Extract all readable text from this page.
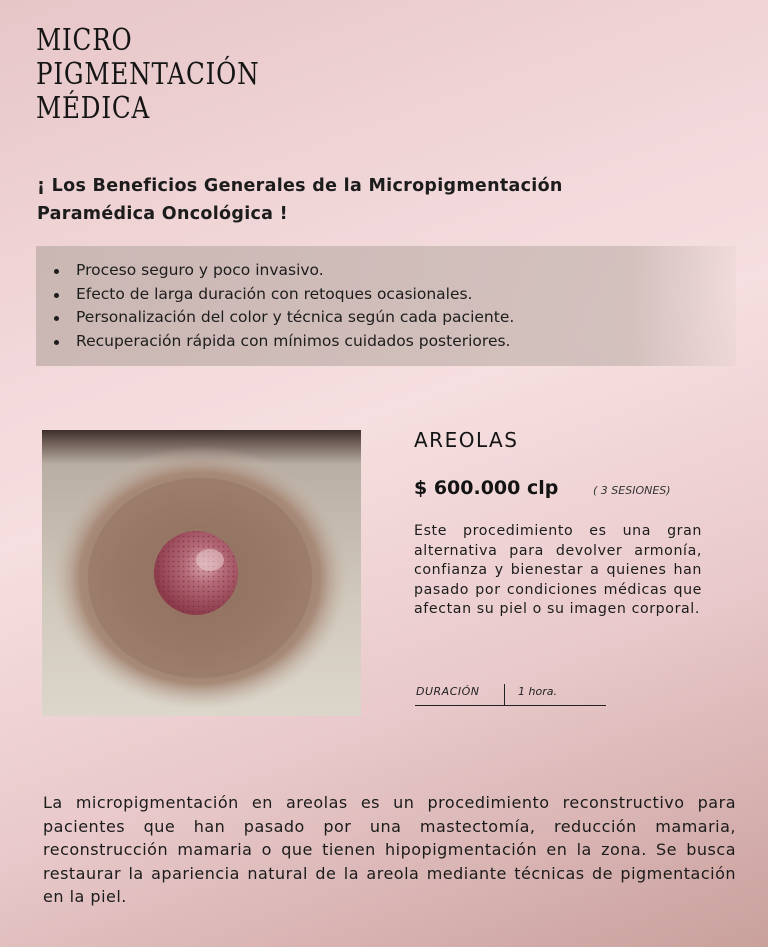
MICRO
PIGMENTACIÓN
MÉDICA
¡ Los Beneficios Generales de la Micropigmentación Paramédica Oncológica !
Proceso seguro y poco invasivo.
Efecto de larga duración con retoques ocasionales.
Personalización del color y técnica según cada paciente.
Recuperación rápida con mínimos cuidados posteriores.
AREOLAS
$ 600.000 clp	( 3 SESIONES)

Este procedimiento es una gran alternativa para devolver armonía, confianza y bienestar a quienes han pasado por condiciones médicas que afectan su piel o su imagen corporal.

DURACIÓN	1 hora.

La micropigmentación en areolas es un procedimiento reconstructivo para pacientes que han pasado por una mastectomía, reducción mamaria, reconstrucción mamaria o que tienen hipopigmentación en la zona. Se busca restaurar la apariencia natural de la areola mediante técnicas de pigmentación en la piel.
